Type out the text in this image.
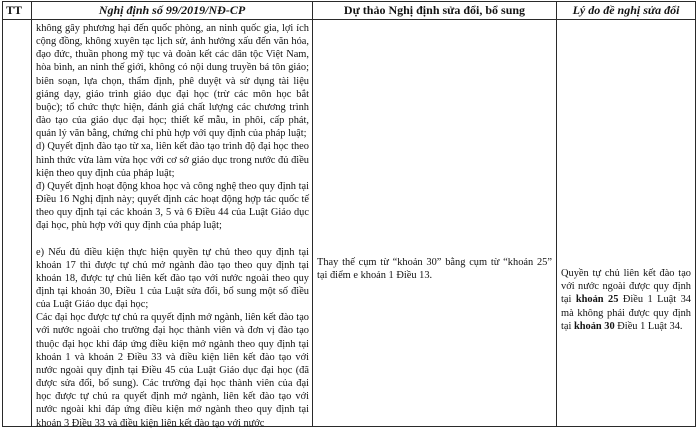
TT	Nghị định số 99/2019/NĐ-CP

không gây phương hại đến quốc phòng, an ninh quốc gia, lợi ích cộng đồng, không xuyên tạc lịch sử, ảnh hưởng xấu đến văn hóa, đạo đức, thuần phong mỹ tục và đoàn kết các dân tộc Việt Nam, hòa bình, an ninh thế giới, không có nội dung truyền bá tôn giáo; biên soạn, lựa chọn, thẩm định, phê duyệt và sử dụng tài liệu giảng dạy, giáo trình giáo dục đại học (trừ các môn học bắt buộc); tổ chức thực hiện, đánh giá chất lượng các chương trình đào tạo của giáo dục đại học; thiết kế mẫu, in phôi, cấp phát, quản lý văn bằng, chứng chỉ phù hợp với quy định của pháp luật;

d) Quyết định đào tạo từ xa, liên kết đào tạo trình độ đại học theo hình thức vừa làm vừa học với cơ sở giáo dục trong nước đủ điều kiện theo quy định của pháp luật;

đ) Quyết định hoạt động khoa học và công nghệ theo quy định tại Điều 16 Nghị định này; quyết định các hoạt động hợp tác quốc tế theo quy định tại các khoản 3, 5 và 6 Điều 44 của Luật Giáo dục đại học, phù hợp với quy định của pháp luật;

e) Nếu đủ điều kiện thực hiện quyền tự chủ theo quy định tại khoản 17 thì được tự chủ mở ngành đào tạo theo quy định tại khoản 18, được tự chủ liên kết đào tạo với nước ngoài theo quy định tại khoản 30, Điều 1 của Luật sửa đổi, bổ sung một số điều của Luật Giáo dục đại học;

Các đại học được tự chủ ra quyết định mở ngành, liên kết đào tạo với nước ngoài cho trường đại học thành viên và đơn vị đào tạo thuộc đại học khi đáp ứng điều kiện mở ngành theo quy định tại khoản 1 và khoản 2 Điều 33 và điều kiện liên kết đào tạo với nước ngoài quy định tại Điều 45 của Luật Giáo dục đại học (đã được sửa đổi, bổ sung). Các trường đại học thành viên của đại học được tự chủ ra quyết định mở ngành, liên kết đào tạo với nước ngoài khi đáp ứng điều kiện mở ngành theo quy định tại khoản 3 Điều 33 và điều kiện liên kết đào tạo với nước

Dự thảo Nghị định sửa đổi, bổ sung

Thay thế cụm từ “khoản 30” bằng cụm từ “khoản 25” tại điểm e khoản 1 Điều 13.

Lý do đề nghị sửa đổi

Quyền tự chủ liên kết đào tạo với nước ngoài được quy định tại khoản 25 Điều 1 Luật 34 mà không phải được quy định tại khoản 30 Điều 1 Luật 34.
